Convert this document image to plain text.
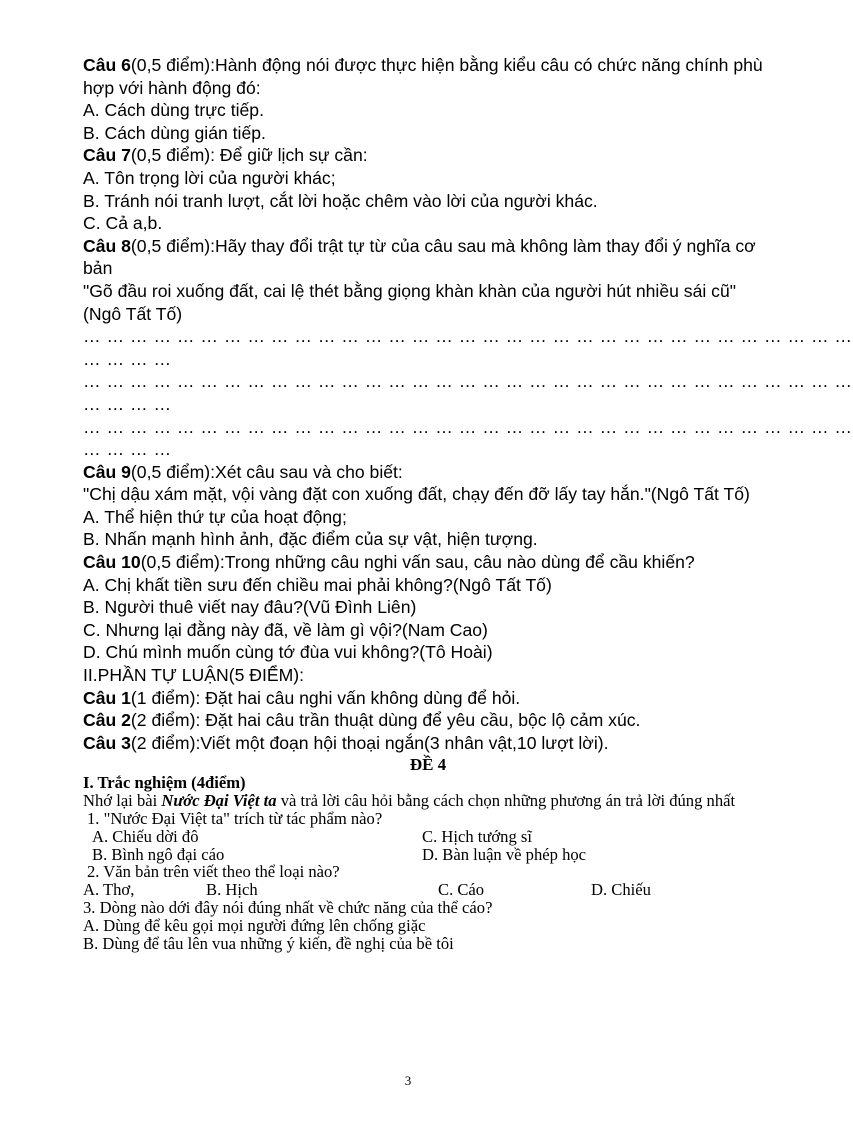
Câu 6(0,5 điểm):Hành động nói được thực hiện bằng kiểu câu có chức năng chính phù hợp với hành động đó:

A. Cách dùng trực tiếp.

B. Cách dùng gián tiếp.

Câu 7(0,5 điểm): Để giữ lịch sự cần:

A. Tôn trọng lời của người khác;

B. Tránh nói tranh lượt, cắt lời hoặc chêm vào lời của người khác.

C. Cả a,b.

Câu 8(0,5 điểm):Hãy thay đổi trật tự từ của câu sau mà không làm thay đổi ý nghĩa cơ bản

"Gõ đầu roi xuống đất, cai lệ thét bằng giọng khàn khàn của người hút nhiều sái cũ"(Ngô Tất Tố)

… … … … … … … … … … … … … … … … … … … … … … … … … … … … … … … … …

… … … …

… … … … … … … … … … … … … … … … … … … … … … … … … … … … … … … … …

… … … …

… … … … … … … … … … … … … … … … … … … … … … … … … … … … … … … … …

… … … …

Câu 9(0,5 điểm):Xét câu sau và cho biết:

"Chị dậu xám mặt, vội vàng đặt con xuống đất, chạy đến đỡ lấy tay hắn."(Ngô Tất Tố)

A. Thể hiện thứ tự của hoạt động;

B. Nhấn mạnh hình ảnh, đặc điểm của sự vật, hiện tượng.

Câu 10(0,5 điểm):Trong những câu nghi vấn sau, câu nào dùng để cầu khiến?

A. Chị khất tiền sưu đến chiều mai phải không?(Ngô Tất Tố)

B. Người thuê viết nay đâu?(Vũ Đình Liên)

C. Nhưng lại đằng này đã, về làm gì vội?(Nam Cao)

D. Chú mình muốn cùng tớ đùa vui không?(Tô Hoài)

II.PHẦN TỰ LUẬN(5 ĐIỂM):

Câu 1(1 điểm): Đặt hai câu nghi vấn không dùng để hỏi.

Câu 2(2 điểm): Đặt hai câu trần thuật dùng để yêu cầu, bộc lộ cảm xúc.

Câu 3(2 điểm):Viết một đoạn hội thoại ngắn(3 nhân vật,10 lượt lời).

ĐỀ 4

I. Trắc nghiệm (4điểm)

Nhớ lại bài Nước Đại Việt ta và trả lời câu hỏi bằng cách chọn những phương án trả lời đúng nhất

1. "Nước Đại Việt ta" trích từ tác phẩm nào?

A. Chiếu dời đô	C. Hịch tướng sĩ
B. Bình ngô đại cáo	D. Bàn luận về phép học

2. Văn bản trên viết theo thể loại nào?

A. Thơ,	B. Hịch	C. Cáo	D. Chiếu

3. Dòng nào dới đây nói đúng nhất về chức năng của thể cáo?

A. Dùng để kêu gọi mọi người đứng lên chống giặc

B. Dùng để tâu lên vua những ý kiến, đề nghị của bề tôi

3
